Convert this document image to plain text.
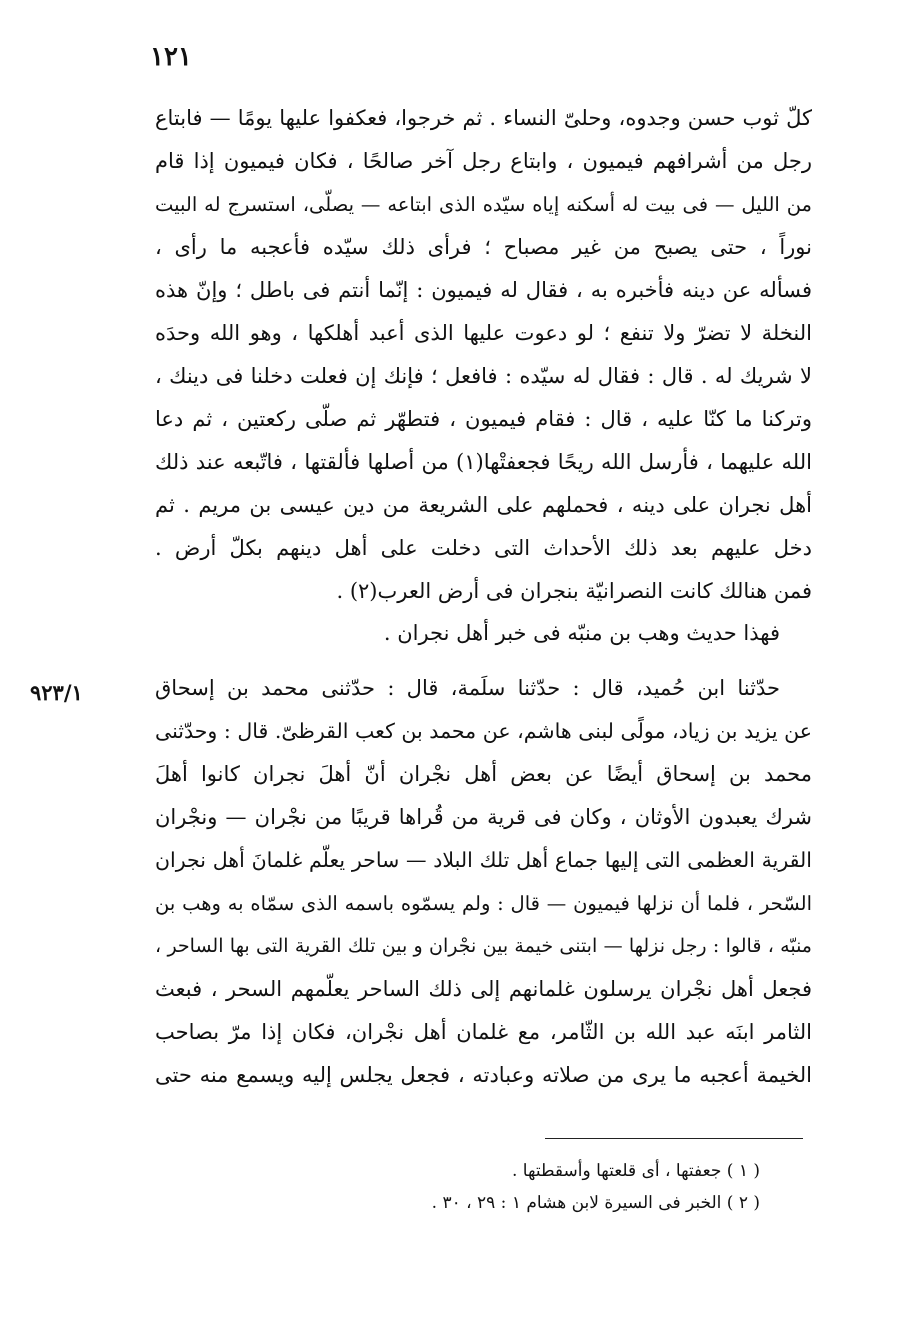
١٢١
كلّ ثوب حسن وجدوه، وحلىّ النساء . ثم خرجوا، فعكفوا عليها يومًا — فابتاع
رجل من أشرافهم فيميون ، وابتاع رجل آخر صالحًا ، فكان فيميون إذا قام
من الليل — فى بيت له أسكنه إياه سيّده الذى ابتاعه — يصلّى، استسرج له البيت
نوراً ، حتى يصبح من غير مصباح ؛ فرأى ذلك سيّده فأعجبه ما رأى ،
فسأله عن دينه فأخبره به ، فقال له فيميون : إنّما أنتم فى باطل ؛ وإنّ هذه
النخلة لا تضرّ ولا تنفع ؛ لو دعوت عليها الذى أعبد أهلكها ، وهو الله وحدَه
لا شريك له . قال : فقال له سيّده : فافعل ؛ فإنك إن فعلت دخلنا فى دينك ،
وتركنا ما كنّا عليه ، قال : فقام فيميون ، فتطهّر ثم صلّى ركعتين ، ثم دعا
الله عليهما ، فأرسل الله ريحًا فجعفتْها(١) من أصلها فألقتها ، فاتّبعه عند ذلك
أهل نجران على دينه ، فحملهم على الشريعة من دين عيسى بن مريم . ثم
دخل عليهم بعد ذلك الأحداث التى دخلت على أهل دينهم بكلّ أرض .
فمن هنالك كانت النصرانيّة بنجران فى أرض العرب(٢) .
فهذا حديث وهب بن منبّه فى خبر أهل نجران .
٩٢٣/١	حدّثنا ابن حُميد، قال : حدّثنا سلَمة، قال : حدّثنى محمد بن إسحاق
عن يزيد بن زياد، مولًى لبنى هاشم، عن محمد بن كعب القرظىّ. قال : وحدّثنى
محمد بن إسحاق أيضًا عن بعض أهل نجْران أنّ أهلَ نجران كانوا أهلَ
شرك يعبدون الأوثان ، وكان فى قرية من قُراها قريبًا من نجْران — ونجْران
القرية العظمى التى إليها جماع أهل تلك البلاد — ساحر يعلّم غلمانَ أهل نجران
السّحر ، فلما أن نزلها فيميون — قال : ولم يسمّوه باسمه الذى سمّاه به وهب بن
منبّه ، قالوا : رجل نزلها — ابتنى خيمة بين نجْران و بين تلك القرية التى بها الساحر ،
فجعل أهل نجْران يرسلون غلمانهم إلى ذلك الساحر يعلّمهم السحر ، فبعث
الثامر ابنَه عبد الله بن الثّامر، مع غلمان أهل نجْران، فكان إذا مرّ بصاحب
الخيمة أعجبه ما يرى من صلاته وعبادته ، فجعل يجلس إليه ويسمع منه حتى
( ١ ) جعفتها ، أى قلعتها وأسقطتها .
( ٢ ) الخبر فى السيرة لابن هشام ١ : ٢٩ ، ٣٠ .
